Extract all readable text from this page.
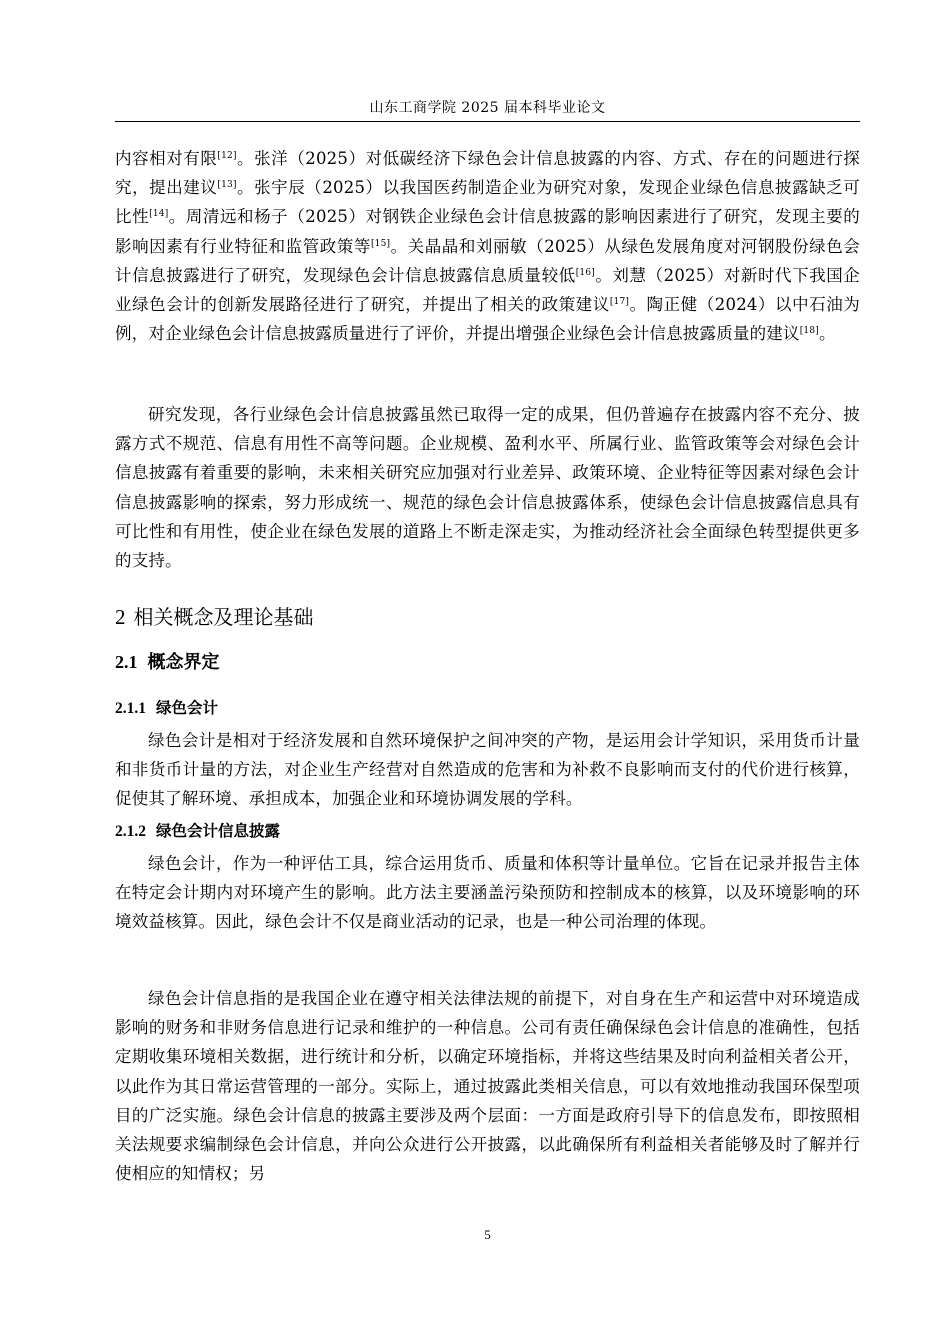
山东工商学院 2025 届本科毕业论文

内容相对有限[12]。张洋（2025）对低碳经济下绿色会计信息披露的内容、方式、存在的问题进行探究，提出建议[13]。张宇辰（2025）以我国医药制造企业为研究对象，发现企业绿色信息披露缺乏可比性[14]。周清远和杨子（2025）对钢铁企业绿色会计信息披露的影响因素进行了研究，发现主要的影响因素有行业特征和监管政策等[15]。关晶晶和刘丽敏（2025）从绿色发展角度对河钢股份绿色会计信息披露进行了研究，发现绿色会计信息披露信息质量较低[16]。刘慧（2025）对新时代下我国企业绿色会计的创新发展路径进行了研究，并提出了相关的政策建议[17]。陶正健（2024）以中石油为例，对企业绿色会计信息披露质量进行了评价，并提出增强企业绿色会计信息披露质量的建议[18]。

研究发现，各行业绿色会计信息披露虽然已取得一定的成果，但仍普遍存在披露内容不充分、披露方式不规范、信息有用性不高等问题。企业规模、盈利水平、所属行业、监管政策等会对绿色会计信息披露有着重要的影响，未来相关研究应加强对行业差异、政策环境、企业特征等因素对绿色会计信息披露影响的探索，努力形成统一、规范的绿色会计信息披露体系，使绿色会计信息披露信息具有可比性和有用性，使企业在绿色发展的道路上不断走深走实，为推动经济社会全面绿色转型提供更多的支持。

2 相关概念及理论基础
2.1 概念界定
2.1.1 绿色会计

绿色会计是相对于经济发展和自然环境保护之间冲突的产物，是运用会计学知识，采用货币计量和非货币计量的方法，对企业生产经营对自然造成的危害和为补救不良影响而支付的代价进行核算，促使其了解环境、承担成本，加强企业和环境协调发展的学科。

2.1.2 绿色会计信息披露

绿色会计，作为一种评估工具，综合运用货币、质量和体积等计量单位。它旨在记录并报告主体在特定会计期内对环境产生的影响。此方法主要涵盖污染预防和控制成本的核算，以及环境影响的环境效益核算。因此，绿色会计不仅是商业活动的记录，也是一种公司治理的体现。

绿色会计信息指的是我国企业在遵守相关法律法规的前提下，对自身在生产和运营中对环境造成影响的财务和非财务信息进行记录和维护的一种信息。公司有责任确保绿色会计信息的准确性，包括定期收集环境相关数据，进行统计和分析，以确定环境指标，并将这些结果及时向利益相关者公开，以此作为其日常运营管理的一部分。实际上，通过披露此类相关信息，可以有效地推动我国环保型项目的广泛实施。绿色会计信息的披露主要涉及两个层面：一方面是政府引导下的信息发布，即按照相关法规要求编制绿色会计信息，并向公众进行公开披露，以此确保所有利益相关者能够及时了解并行使相应的知情权；另

5
